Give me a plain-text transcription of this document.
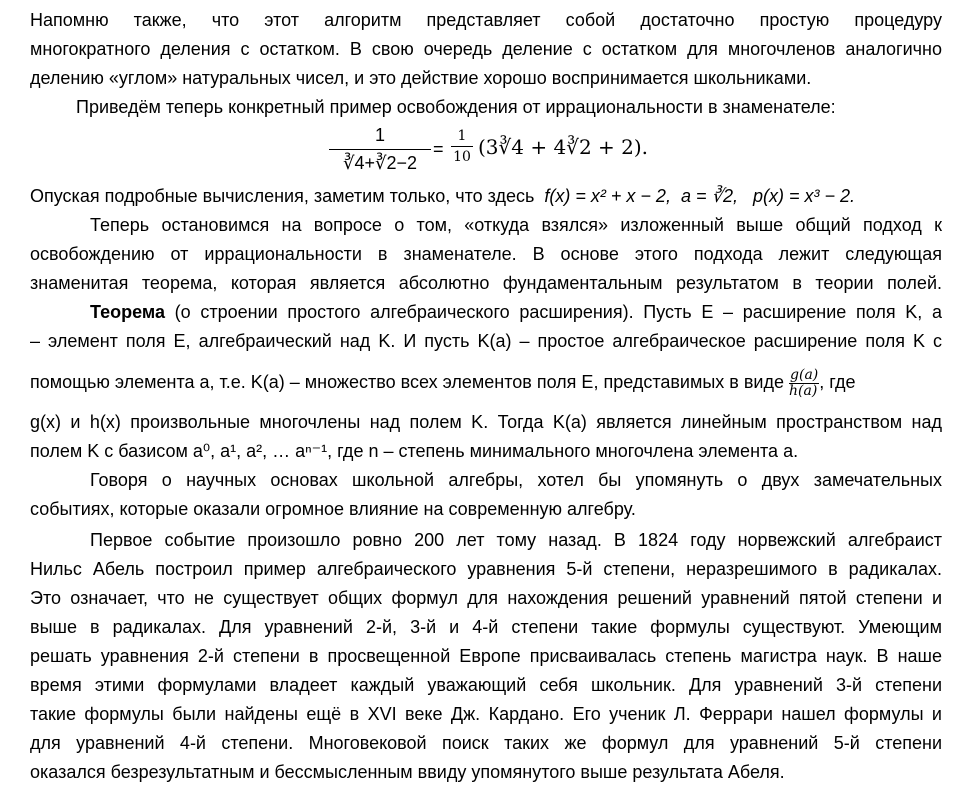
Напомню также, что этот алгоритм представляет собой достаточно простую процедуру
многократного деления с остатком. В свою очередь деление с остатком для многочленов аналогично
делению «углом» натуральных чисел, и это действие хорошо воспринимается школьниками.
Приведём теперь конкретный пример освобождения от иррациональности в знаменателе:
1
∛4+∛2−2
=
1
10 (3∛4 + 4∛2 + 2).
Опуская подробные вычисления, заметим только, что здесь f(x) = x² + x − 2, a = ∛2, p(x) = x³ − 2.
Теперь остановимся на вопросе о том, «откуда взялся» изложенный выше общий подход к
освобождению от иррациональности в знаменателе. В основе этого подхода лежит следующая
знаменитая теорема, которая является абсолютно фундаментальным результатом в теории полей.
Теорема (о строении простого алгебраического расширения). Пусть E – расширение поля K, a
– элемент поля E, алгебраический над K. И пусть K(a) – простое алгебраическое расширение поля K с
помощью элемента a, т.е. K(a) – множество всех элементов поля E, представимых в виде $\frac{g(a)}{h(a)}$ , где
g(x) и h(x) произвольные многочлены над полем K. Тогда K(a) является линейным пространством над
полем K с базисом a⁰, a¹, a², … aⁿ⁻¹, где n – степень минимального многочлена элемента a.
Говоря о научных основах школьной алгебры, хотел бы упомянуть о двух замечательных
событиях, которые оказали огромное влияние на современную алгебру.
Первое событие произошло ровно 200 лет тому назад. В 1824 году норвежский алгебраист
Нильс Абель построил пример алгебраического уравнения 5-й степени, неразрешимого в радикалах.
Это означает, что не существует общих формул для нахождения решений уравнений пятой степени и
выше в радикалах. Для уравнений 2-й, 3-й и 4-й степени такие формулы существуют. Умеющим
решать уравнения 2-й степени в просвещенной Европе присваивалась степень магистра наук. В наше
время этими формулами владеет каждый уважающий себя школьник. Для уравнений 3-й степени
такие формулы были найдены ещё в XVI веке Дж. Кардано. Его ученик Л. Феррари нашел формулы и
для уравнений 4-й степени. Многовековой поиск таких же формул для уравнений 5-й степени
оказался безрезультатным и бессмысленным ввиду упомянутого выше результата Абеля.
